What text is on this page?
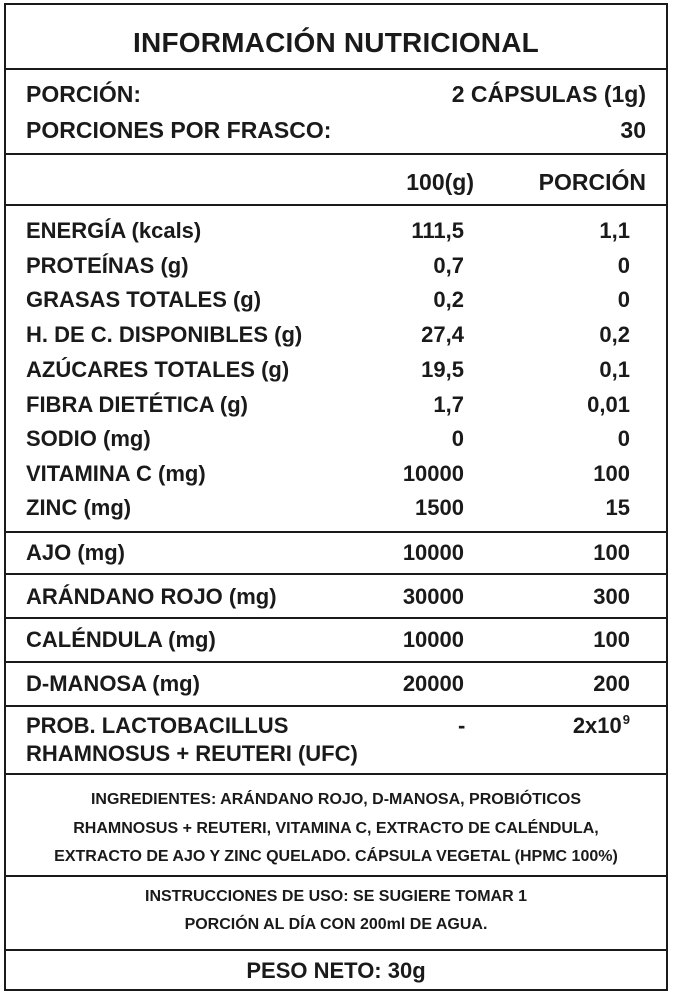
INFORMACIÓN NUTRICIONAL
PORCIÓN:	2 CÁPSULAS (1g)
PORCIONES POR FRASCO:	30
100(g)	PORCIÓN
ENERGÍA (kcals)	111,5	1,1
PROTEÍNAS (g)	0,7	0
GRASAS TOTALES (g)	0,2	0
H. DE C. DISPONIBLES (g)	27,4	0,2
AZÚCARES TOTALES (g)	19,5	0,1
FIBRA DIETÉTICA (g)	1,7	0,01
SODIO (mg)	0	0
VITAMINA C (mg)	10000	100
ZINC (mg)	1500	15
AJO (mg)	10000	100
ARÁNDANO ROJO (mg)	30000	300
CALÉNDULA (mg)	10000	100
D-MANOSA (mg)	20000	200
PROB. LACTOBACILLUS
RHAMNOSUS + REUTERI (UFC)
-	$2x10^9$
INGREDIENTES: ARÁNDANO ROJO, D-MANOSA, PROBIÓTICOS
RHAMNOSUS + REUTERI, VITAMINA C, EXTRACTO DE CALÉNDULA,
EXTRACTO DE AJO Y ZINC QUELADO. CÁPSULA VEGETAL (HPMC 100%)
INSTRUCCIONES DE USO: SE SUGIERE TOMAR 1
PORCIÓN AL DÍA CON 200ml DE AGUA.
PESO NETO: 30g
